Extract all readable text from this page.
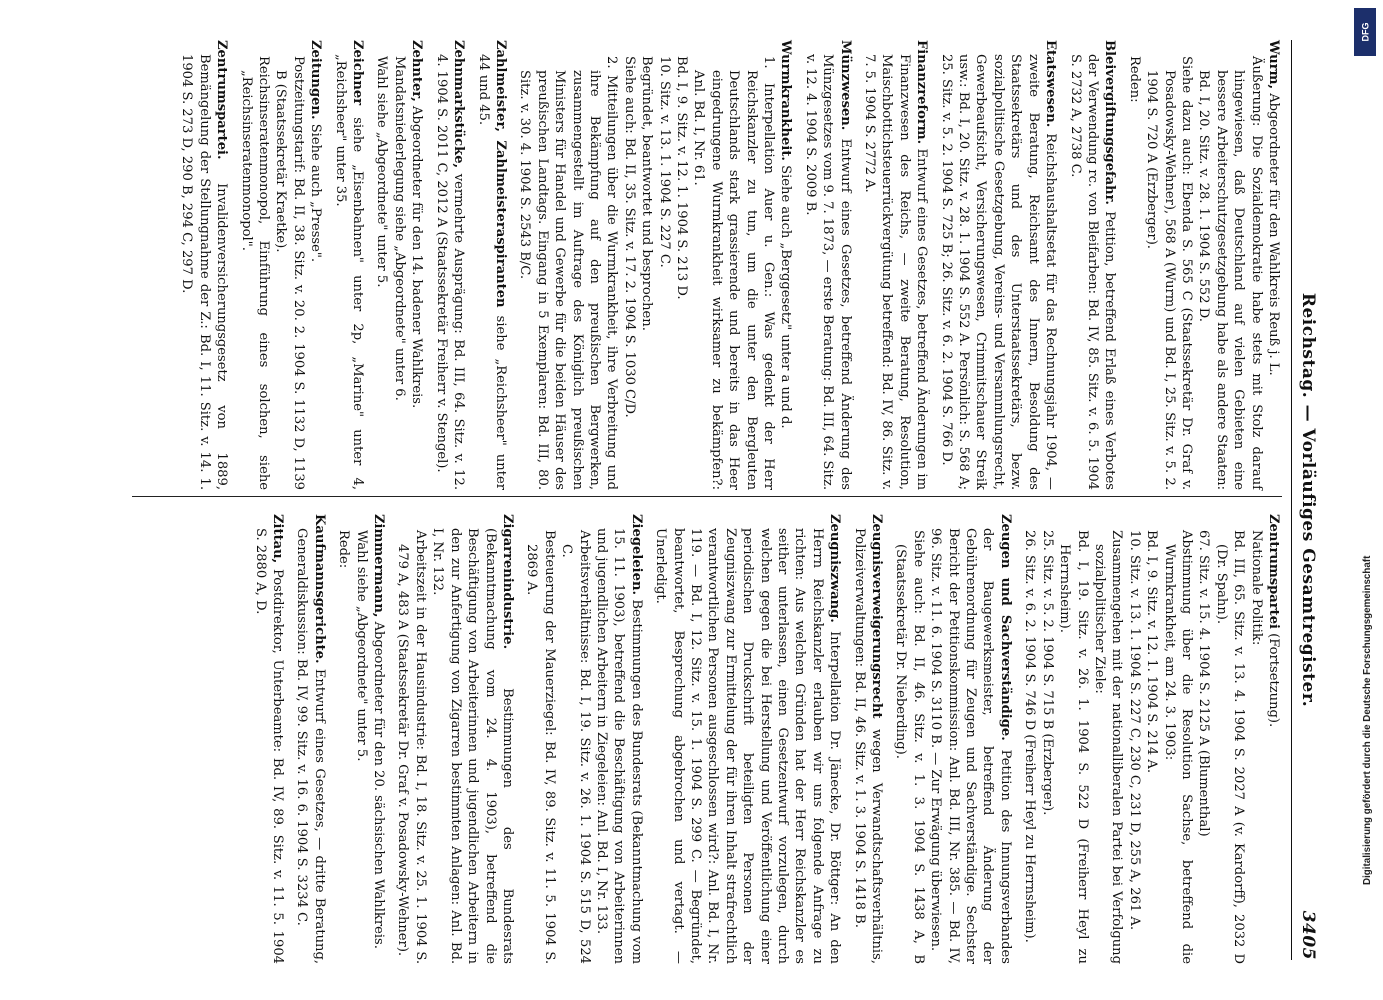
Reichstag. — Vorläufiges Gesamtregister.
3405

Wurm, Abgeordneter für den Wahlkreis Reuß j. L.

Äußerung: Die Sozialdemokratie habe stets mit Stolz darauf hingewiesen, daß Deutschland auf vielen Gebieten eine bessere Arbeiterschutzgesetzgebung habe als andere Staaten: Bd. I, 20. Sitz. v. 28. 1. 1904 S. 552 D.

Siehe dazu auch: Ebenda S. 565 C (Staatssekretär Dr. Graf v. Posadowsky-Wehner), 568 A (Wurm) und Bd. I, 25. Sitz. v. 5. 2. 1904 S. 720 A (Erzberger).

Reden:

Bleivergiftungsgefahr. Petition, betreffend Erlaß eines Verbotes der Verwendung rc. von Bleifarben: Bd. IV, 85. Sitz. v. 6. 5. 1904 S. 2732 A, 2738 C.

Etatswesen. Reichshaushaltsetat für das Rechnungsjahr 1904, — zweite Beratung, Reichsamt des Innern, Besoldung des Staatssekretärs und des Unterstaatssekretärs, bezw. sozialpolitische Gesetzgebung, Vereins- und Versammlungsrecht, Gewerbeaufsicht, Versicherungswesen, Crimmitschauer Streik usw.: Bd. I, 20. Sitz. v. 28. 1. 1904 S. 552 A. Persönlich: S. 568 A; 25. Sitz. v. 5. 2. 1904 S. 725 B; 26. Sitz. v. 6. 2. 1904 S. 766 D.

Finanzreform. Entwurf eines Gesetzes, betreffend Änderungen im Finanzwesen des Reichs, — zweite Beratung, Resolution, Maischbottichsteuerrückvergütung betreffend: Bd. IV, 86. Sitz. v. 7. 5. 1904 S. 2772 A.

Münzwesen. Entwurf eines Gesetzes, betreffend Änderung des Münzgesetzes vom 9. 7. 1873, — erste Beratung: Bd. III, 64. Sitz. v. 12. 4. 1904 S. 2009 B.

Wurmkrankheit. Siehe auch „Berggesetz" unter a und d.

1. Interpellation Auer u. Gen.: Was gedenkt der Herr Reichskanzler zu tun, um die unter den Bergleuten Deutschlands stark grassierende und bereits in das Heer eingedrungene Wurmkrankheit wirksamer zu bekämpfen?: Anl. Bd. I, Nr. 61.

Bd. I, 9. Sitz. v. 12. 1. 1904 S. 213 D.

10. Sitz. v. 13. 1. 1904 S. 227 C.

Begründet, beantwortet und besprochen.

Siehe auch: Bd. II, 35. Sitz. v. 17. 2. 1904 S. 1030 C/D.

2. Mitteilungen über die Wurmkrankheit, ihre Verbreitung und ihre Bekämpfung auf den preußischen Bergwerken, zusammengestellt im Auftrage des Königlich preußischen Ministers für Handel und Gewerbe für die beiden Häuser des preußischen Landtags. Eingang in 5 Exemplaren: Bd. III, 80. Sitz. v. 30. 4. 1904 S. 2543 B/C.

Zahlmeister, Zahlmeisteraspiranten siehe „Reichsheer" unter 44 und 45.

Zehnmarkstücke, vermehrte Ausprägung: Bd. III, 64. Sitz. v. 12. 4. 1904 S. 2011 C, 2012 A (Staatssekretär Freiherr v. Stengel).

Zehnter, Abgeordneter für den 14. badener Wahlkreis.

Mandatsniederlegung siehe „Abgeordnete" unter 6.

Wahl siehe „Abgeordnete" unter 5.

Zeichner siehe „Eisenbahnen" unter 2p, „Marine" unter 4, „Reichsheer" unter 35.

Zeitungen. Siehe auch „Presse".

Postzeitungstarif: Bd. II, 38. Sitz. v. 20. 2. 1904 S. 1132 D, 1139 B (Staatssekretär Kraetke).

Reichsinseratenmonopol, Einführung eines solchen, siehe „Reichsinseratenmonopol".

Zentrumspartei. Invalidenversicherungsgesetz von 1889, Bemängelung der Stellungnahme der Z.: Bd. I, 11. Sitz. v. 14. 1. 1904 S. 273 D, 290 B, 294 C, 297 D.

Zentrumspartei (Fortsetzung).

Nationale Politik:

Bd. III, 65. Sitz. v. 13. 4. 1904 S. 2027 A (v. Kardorff), 2032 D (Dr. Spahn).

67. Sitz. v. 15. 4. 1904 S. 2125 A (Blumenthal)

Abstimmung über die Resolution Sachse, betreffend die Wurmkrankheit, am 24. 3. 1903:

Bd. I, 9. Sitz. v. 12. 1. 1904 S. 214 A.

10. Sitz. v. 13. 1. 1904 S. 227 C, 230 C, 231 D, 255 A, 261 A.

Zusammengehen mit der nationalliberalen Partei bei Verfolgung sozialpolitischer Ziele:

Bd. I, 19. Sitz. v. 26. 1. 1904 S. 522 D (Freiherr Heyl zu Herrnsheim).

25. Sitz. v. 5. 2. 1904 S. 715 B (Erzberger).

26. Sitz. v. 6. 2. 1904 S. 746 D (Freiherr Heyl zu Herrnsheim).

Zeugen und Sachverständige. Petition des Innungsverbandes der Baugewerksmeister, betreffend Änderung der Gebührenordnung für Zeugen und Sachverständige. Sechster Bericht der Petitionskommission: Anl. Bd. III, Nr. 385. — Bd. IV, 96. Sitz. v. 11. 6. 1904 S. 3110 B. — Zur Erwägung überwiesen.

Siehe auch: Bd. II, 46. Sitz. v. 1. 3. 1904 S. 1438 A, B (Staatssekretär Dr. Nieberding).

Zeugnisverweigerungsrecht wegen Verwandtschaftsverhältnis, Polizeiverwaltungen: Bd. II, 46. Sitz. v. 1. 3. 1904 S. 1418 B.

Zeugniszwang. Interpellation Dr. Jänecke, Dr. Böttger: An den Herrn Reichskanzler erlauben wir uns folgende Anfrage zu richten: Aus welchen Gründen hat der Herr Reichskanzler es seither unterlassen, einen Gesetzentwurf vorzulegen, durch welchen gegen die bei Herstellung und Veröffentlichung einer periodischen Druckschrift beteiligten Personen der Zeugniszwang zur Ermittelung der für ihren Inhalt strafrechtlich verantwortlichen Personen ausgeschlossen wird?: Anl. Bd. I, Nr. 119. — Bd. I, 12. Sitz. v. 15. 1. 1904 S. 299 C. — Begründet, beantwortet, Besprechung abgebrochen und vertagt. — Unerledigt.

Ziegeleien. Bestimmungen des Bundesrats (Bekanntmachung vom 15. 11. 1903), betreffend die Beschäftigung von Arbeiterinnen und jugendlichen Arbeitern in Ziegeleien: Anl. Bd. I, Nr. 133.

Arbeitsverhältnisse: Bd. I, 19. Sitz. v. 26. 1. 1904 S. 515 D, 524 C.

Besteuerung der Mauerziegel: Bd. IV, 89. Sitz. v. 11. 5. 1904 S. 2869 A.

Zigarrenindustrie. Bestimmungen des Bundesrats (Bekanntmachung vom 24. 4. 1903), betreffend die Beschäftigung von Arbeiterinnen und jugendlichen Arbeitern in den zur Anfertigung von Zigarren bestimmten Anlagen: Anl. Bd. I, Nr. 132.

Arbeitszeit in der Hausindustrie: Bd. I, 18. Sitz. v. 25. 1. 1904 S. 479 A, 483 A (Staatssekretär Dr. Graf v. Posadowsky-Wehner).

Zimmermann, Abgeordneter für den 20. sächsischen Wahlkreis.

Wahl siehe „Abgeordnete" unter 5.

Rede:

Kaufmannsgerichte. Entwurf eines Gesetzes, — dritte Beratung, Generaldiskussion: Bd. IV, 99. Sitz. v. 16. 6. 1904 S. 3234 C.

Zittau, Postdirektor, Unterbeamte: Bd. IV, 89. Sitz. v. 11. 5. 1904 S. 2880 A, D.

DFG
Digitalisierung gefördert durch die Deutsche Forschungsgemeinschaft
